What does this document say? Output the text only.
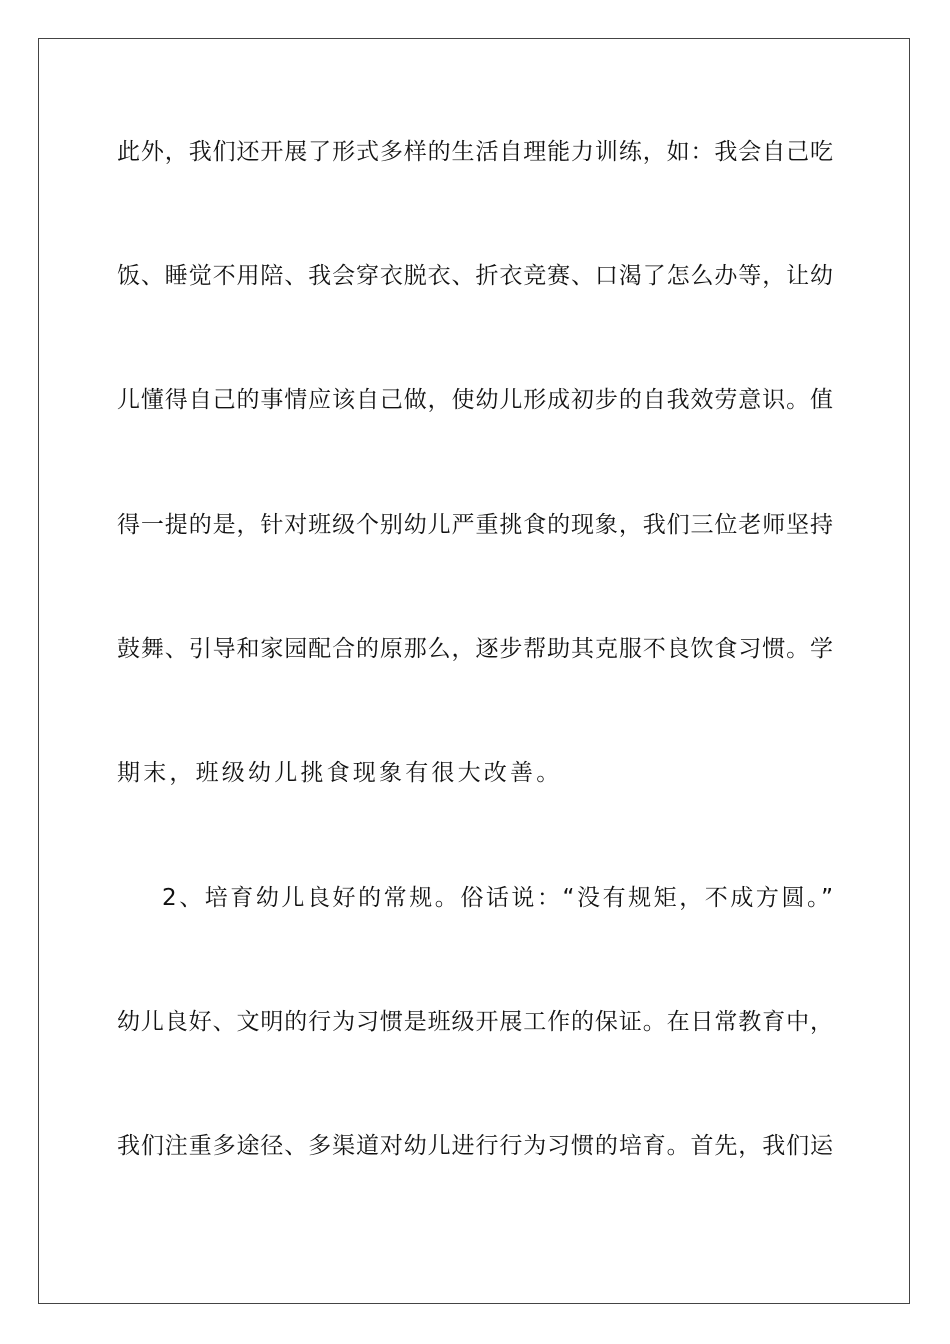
此外，我们还开展了形式多样的生活自理能力训练，如：我会自己吃
饭、睡觉不用陪、我会穿衣脱衣、折衣竞赛、口渴了怎么办等，让幼
儿懂得自己的事情应该自己做，使幼儿形成初步的自我效劳意识。值
得一提的是，针对班级个别幼儿严重挑食的现象，我们三位老师坚持
鼓舞、引导和家园配合的原那么，逐步帮助其克服不良饮食习惯。学
期末，班级幼儿挑食现象有很大改善。
2、培育幼儿良好的常规。俗话说：“没有规矩，不成方圆。”
幼儿良好、文明的行为习惯是班级开展工作的保证。在日常教育中，
我们注重多途径、多渠道对幼儿进行行为习惯的培育。首先，我们运
